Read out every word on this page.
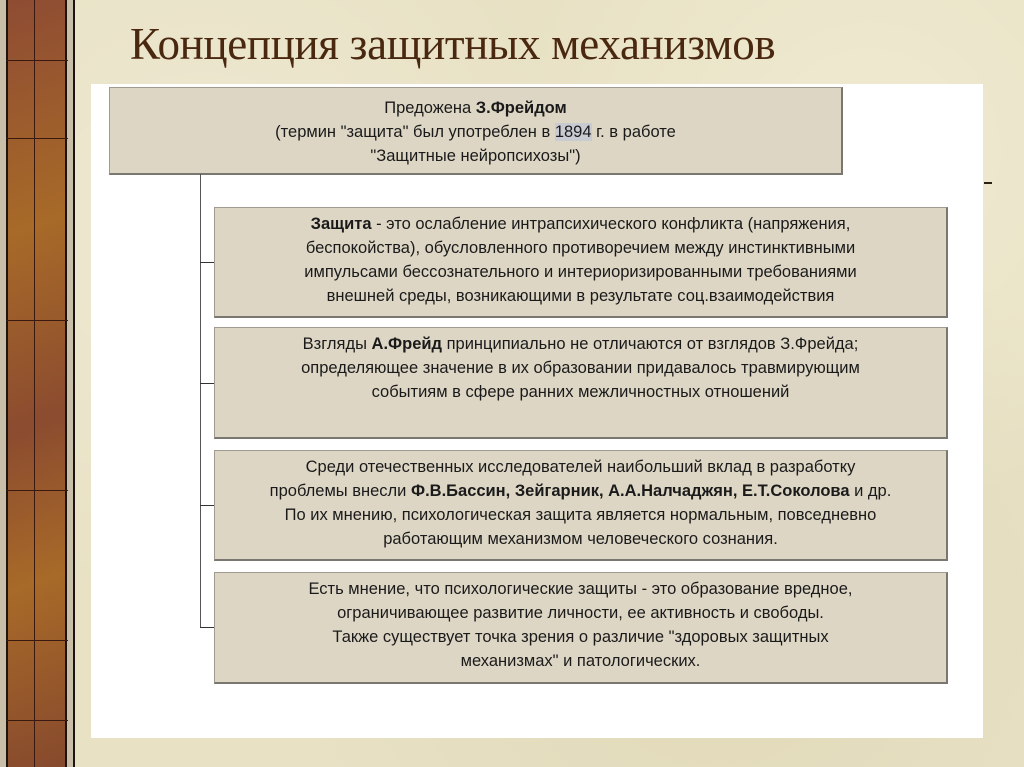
Концепция защитных механизмов
Предожена З.Фрейдом
(термин "защита" был употреблен в 1894 г. в работе
"Защитные нейропсихозы")
Защита - это ослабление интрапсихического конфликта (напряжения,
беспокойства), обусловленного противоречием между инстинктивными
импульсами бессознательного и интериоризированными требованиями
внешней среды, возникающими в результате соц.взаимодействия
Взгляды А.Фрейд принципиально не отличаются от взглядов З.Фрейда;
определяющее значение в их образовании придавалось травмирующим
событиям в сфере ранних межличностных отношений
Среди отечественных исследователей наибольший вклад в разработку
проблемы внесли Ф.В.Бассин, Зейгарник, А.А.Налчаджян, Е.Т.Соколова и др.
По их мнению, психологическая защита является нормальным, повседневно
работающим механизмом человеческого сознания.
Есть мнение, что психологические защиты - это образование вредное,
ограничивающее развитие личности, ее активность и свободы.
Также существует точка зрения о различие "здоровых защитных
механизмах" и патологических.
